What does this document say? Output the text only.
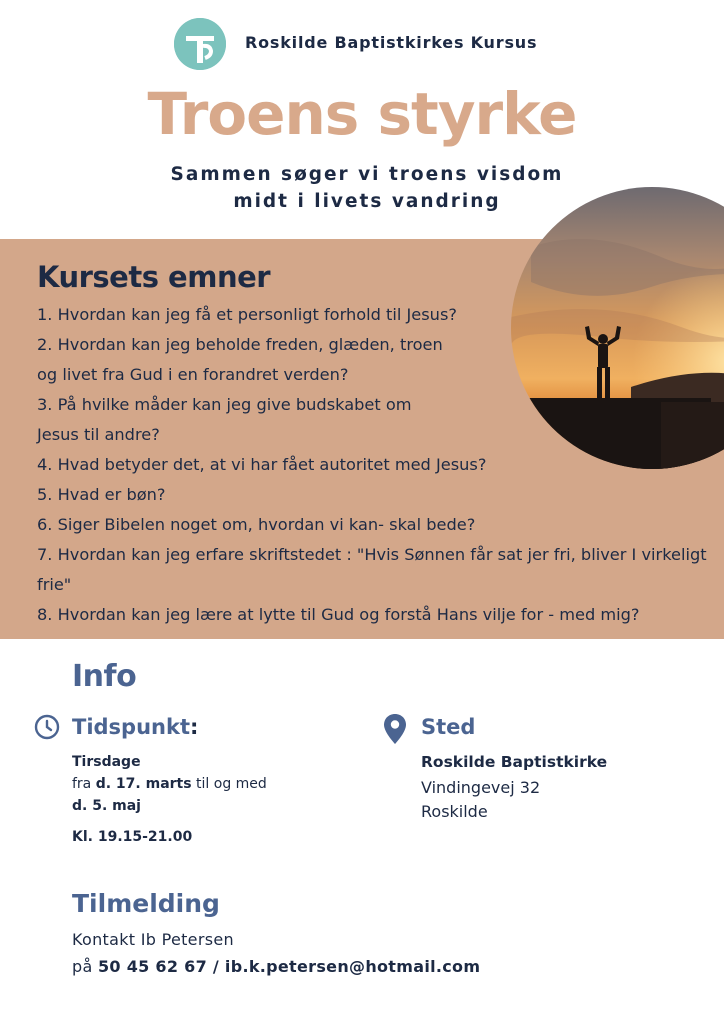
Roskilde Baptistkirkes Kursus
Troens styrke
Sammen søger vi troens visdom
midt i livets vandring
Kursets emner
1. Hvordan kan jeg få et personligt forhold til Jesus?
2. Hvordan kan jeg beholde freden, glæden, troen
og livet fra Gud i en forandret verden?
3. På hvilke måder kan jeg give budskabet om
Jesus til andre?
4. Hvad betyder det, at vi har fået autoritet med Jesus?
5. Hvad er bøn?
6. Siger Bibelen noget om, hvordan vi kan- skal bede?
7. Hvordan kan jeg erfare skriftstedet : "Hvis Sønnen får sat jer fri, bliver I virkeligt
frie"
8. Hvordan kan jeg lære at lytte til Gud og forstå Hans vilje for - med mig?
Info
Tidspunkt:
Tirsdage
fra d. 17. marts til og med
d. 5. maj
Kl. 19.15-21.00
Sted
Roskilde Baptistkirke
Vindingevej 32
Roskilde
Tilmelding
Kontakt Ib Petersen
på 50 45 62 67 / ib.k.petersen@hotmail.com
